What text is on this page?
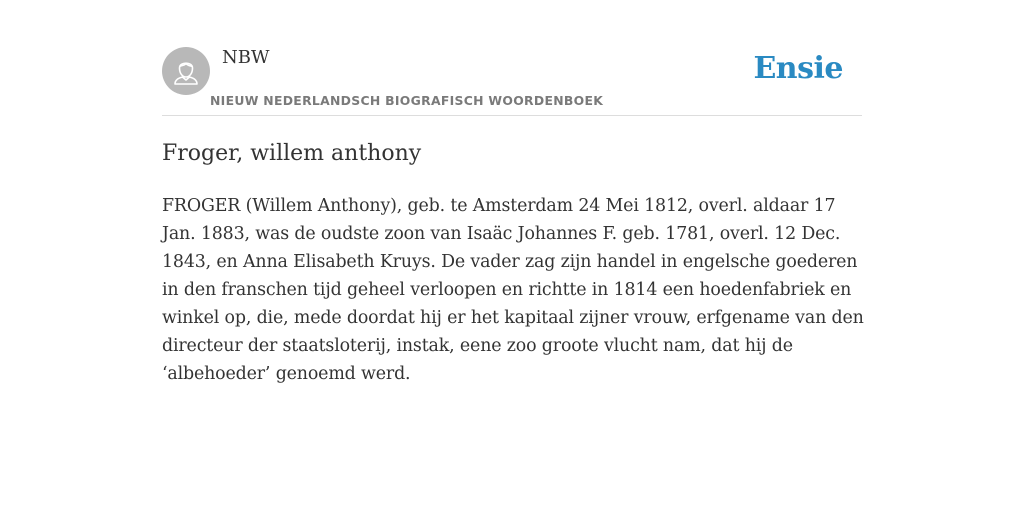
NBW
NIEUW NEDERLANDSCH BIOGRAFISCH WOORDENBOEK
Ensie
Froger, willem anthony

FROGER (Willem Anthony), geb. te Amsterdam 24 Mei 1812, overl. aldaar 17 Jan. 1883, was de oudste zoon van Isaäc Johannes F. geb. 1781, overl. 12 Dec. 1843, en Anna Elisabeth Kruys. De vader zag zijn handel in engelsche goederen in den franschen tijd geheel verloopen en richtte in 1814 een hoedenfabriek en winkel op, die, mede doordat hij er het kapitaal zijner vrouw, erfgename van den directeur der staatsloterij, instak, eene zoo groote vlucht nam, dat hij de ‘albehoeder’ genoemd werd.
